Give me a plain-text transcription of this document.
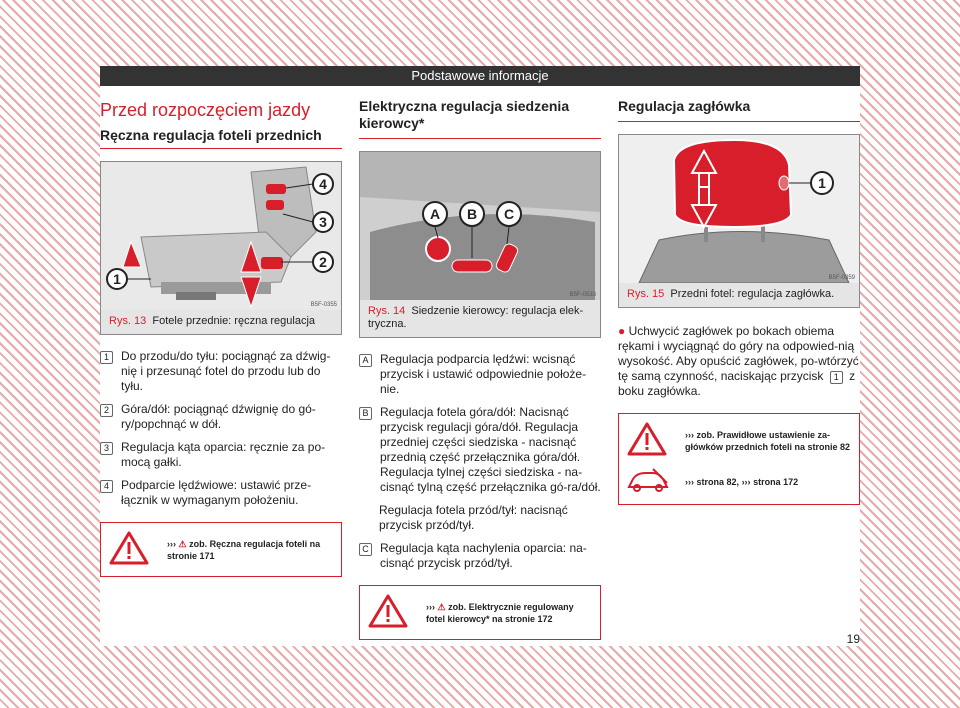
Podstawowe informacje
Przed rozpoczęciem jazdy
Ręczna regulacja foteli przednich
1
2
3
4
B5F-0355
Rys. 13 Fotele przednie: ręczna regulacja
1	Do przodu/do tyłu: pociągnąć za dźwig-nię i przesunąć fotel do przodu lub do tyłu.
2	Góra/dół: pociągnąć dźwignię do gó-ry/popchnąć w dół.
3	Regulacja kąta oparcia: ręcznie za po-mocą gałki.
4	Podparcie lędźwiowe: ustawić prze-łącznik w wymaganym położeniu.
››› ⚠ zob. Ręczna regulacja foteli na stronie 171
Elektryczna regulacja siedzenia kierowcy*
A B C
B5F-0533
Rys. 14 Siedzenie kierowcy: regulacja elek-tryczna.
A Regulacja podparcia lędźwi: wcisnąć przycisk i ustawić odpowiednie położe-nie.
B Regulacja fotela góra/dół: Nacisnąć przycisk regulacji góra/dół. Regulacja przedniej części siedziska - nacisnąć przednią część przełącznika góra/dół. Regulacja tylnej części siedziska - na-cisnąć tylną część przełącznika gó-ra/dół.
Regulacja fotela przód/tył: nacisnąć przycisk przód/tył.
C Regulacja kąta nachylenia oparcia: na-cisnąć przycisk przód/tył.
››› ⚠ zob. Elektrycznie regulowany fotel kierowcy* na stronie 172
Regulacja zagłówka
1
B5F-0359
Rys. 15 Przedni fotel: regulacja zagłówka.
● Uchwycić zagłówek po bokach obiema rękami i wyciągnąć do góry na odpowied-nią wysokość. Aby opuścić zagłówek, po-wtórzyć tę samą czynność, naciskając przycisk 1 z boku zagłówka.
››› zob. Prawidłowe ustawienie za-główków przednich foteli na stronie 82
››› strona 82, ››› strona 172
19
